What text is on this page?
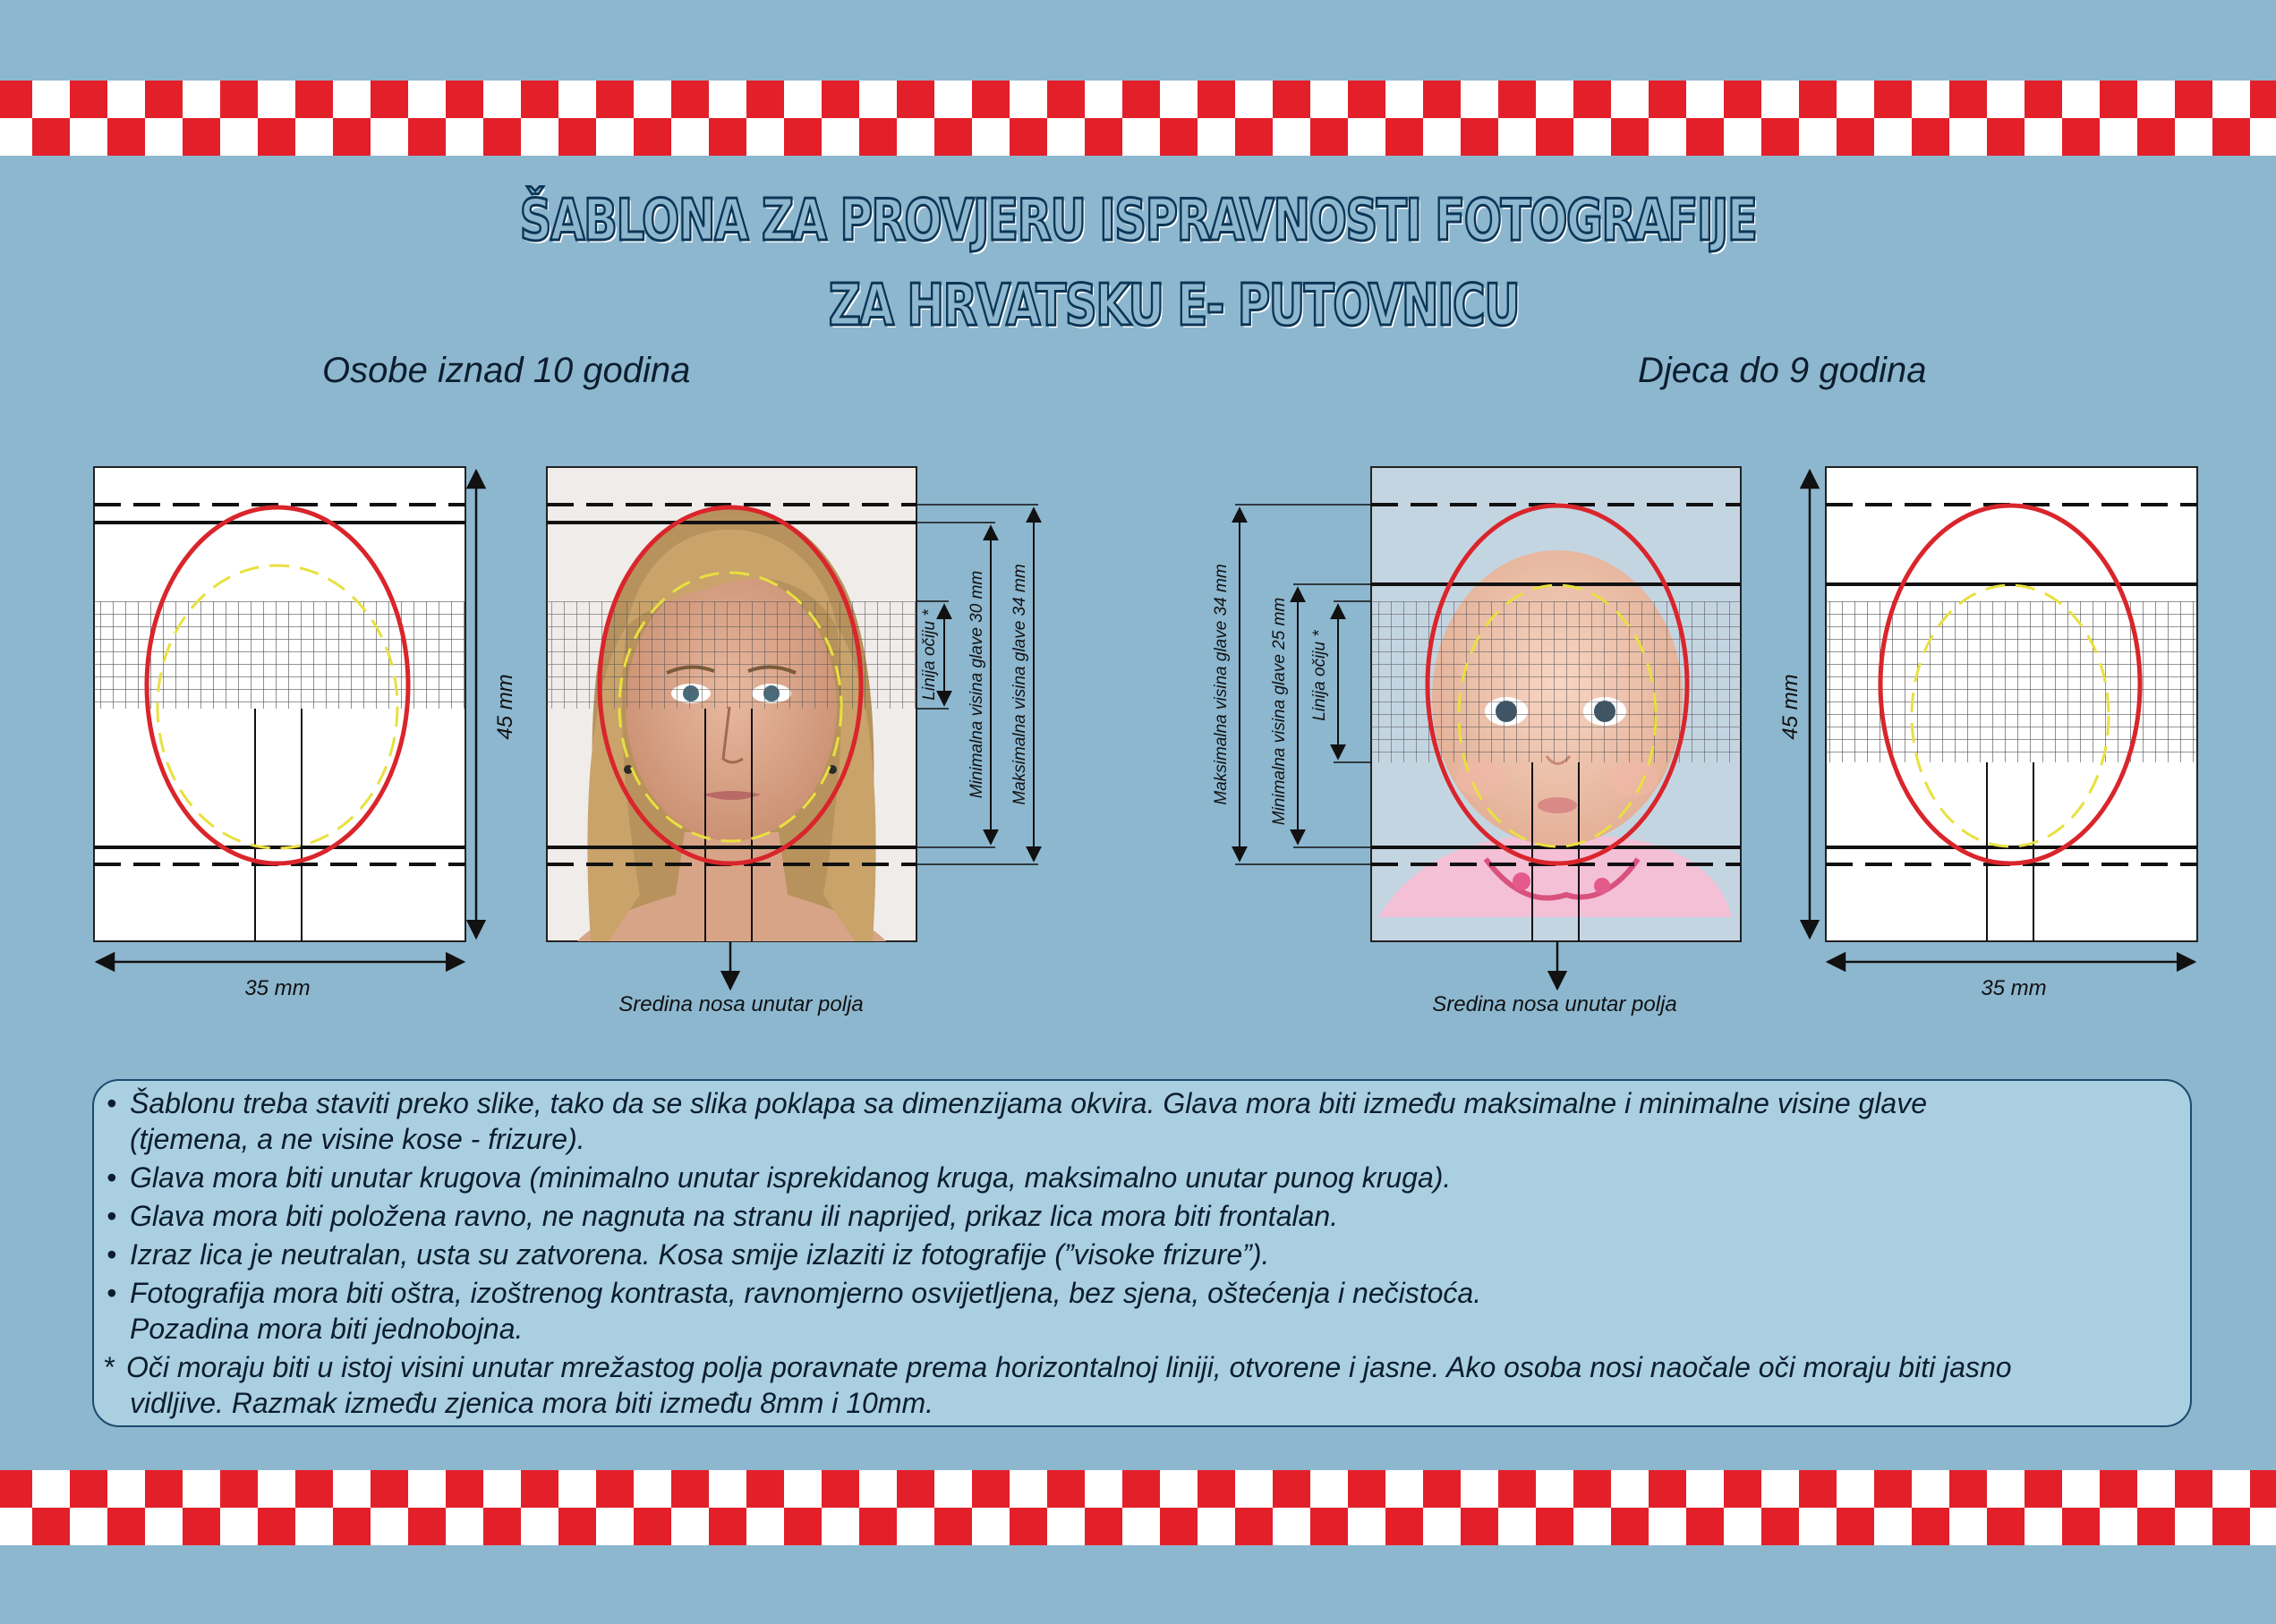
ŠABLONA ZA PROVJERU ISPRAVNOSTI FOTOGRAFIJE
ZA HRVATSKU E- PUTOVNICU
Osobe iznad 10 godina	Djeca do 9 godina
45 mm
35 mm
Linija očiju * Minimalna visina glave 30 mm Maksimalna visina glave 34 mm
Sredina nosa unutar polja
Maksimalna visina glave 34 mm Minimalna visina glave 25 mm Linija očiju *
Sredina nosa unutar polja
45 mm
35 mm
• Šablonu treba staviti preko slike, tako da se slika poklapa sa dimenzijama okvira. Glava mora biti između maksimalne i minimalne visine glave
(tjemena, a ne visine kose - frizure).
• Glava mora biti unutar krugova (minimalno unutar isprekidanog kruga, maksimalno unutar punog kruga).
• Glava mora biti položena ravno, ne nagnuta na stranu ili naprijed, prikaz lica mora biti frontalan.
• Izraz lica je neutralan, usta su zatvorena. Kosa smije izlaziti iz fotografije (”visoke frizure”).
• Fotografija mora biti oštra, izoštrenog kontrasta, ravnomjerno osvijetljena, bez sjena, oštećenja i nečistoća.
Pozadina mora biti jednobojna.
* Oči moraju biti u istoj visini unutar mrežastog polja poravnate prema horizontalnoj liniji, otvorene i jasne. Ako osoba nosi naočale oči moraju biti jasno
vidljive. Razmak između zjenica mora biti između 8mm i 10mm.
